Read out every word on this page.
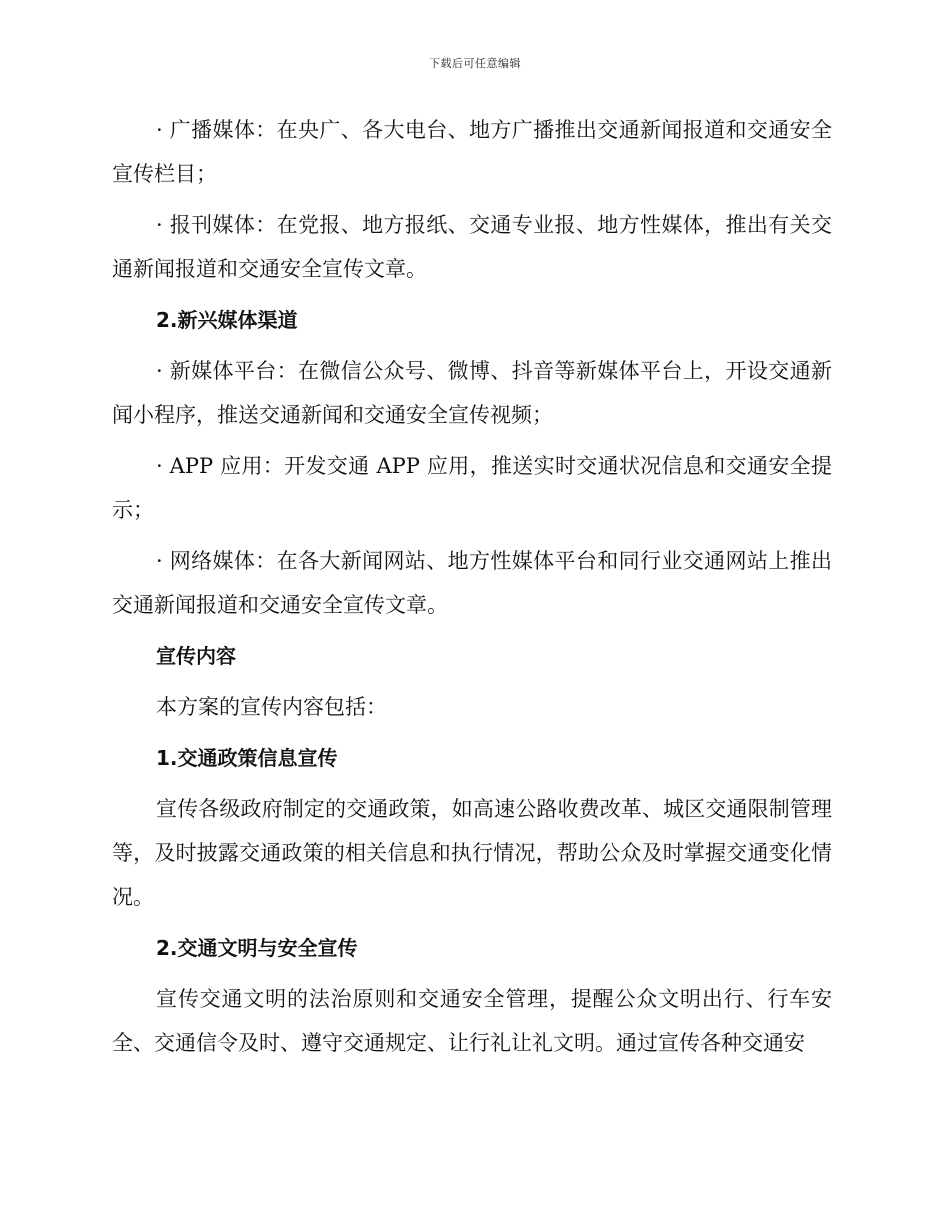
下载后可任意编辑

· 广播媒体：在央广、各大电台、地方广播推出交通新闻报道和交通安全宣传栏目；

· 报刊媒体：在党报、地方报纸、交通专业报、地方性媒体，推出有关交通新闻报道和交通安全宣传文章。

2.新兴媒体渠道

· 新媒体平台：在微信公众号、微博、抖音等新媒体平台上，开设交通新闻小程序，推送交通新闻和交通安全宣传视频；

· APP 应用：开发交通 APP 应用，推送实时交通状况信息和交通安全提示；

· 网络媒体：在各大新闻网站、地方性媒体平台和同行业交通网站上推出交通新闻报道和交通安全宣传文章。

宣传内容

本方案的宣传内容包括：

1.交通政策信息宣传

宣传各级政府制定的交通政策，如高速公路收费改革、城区交通限制管理等，及时披露交通政策的相关信息和执行情况，帮助公众及时掌握交通变化情况。

2.交通文明与安全宣传

宣传交通文明的法治原则和交通安全管理，提醒公众文明出行、行车安全、交通信令及时、遵守交通规定、让行礼让礼文明。通过宣传各种交通安
